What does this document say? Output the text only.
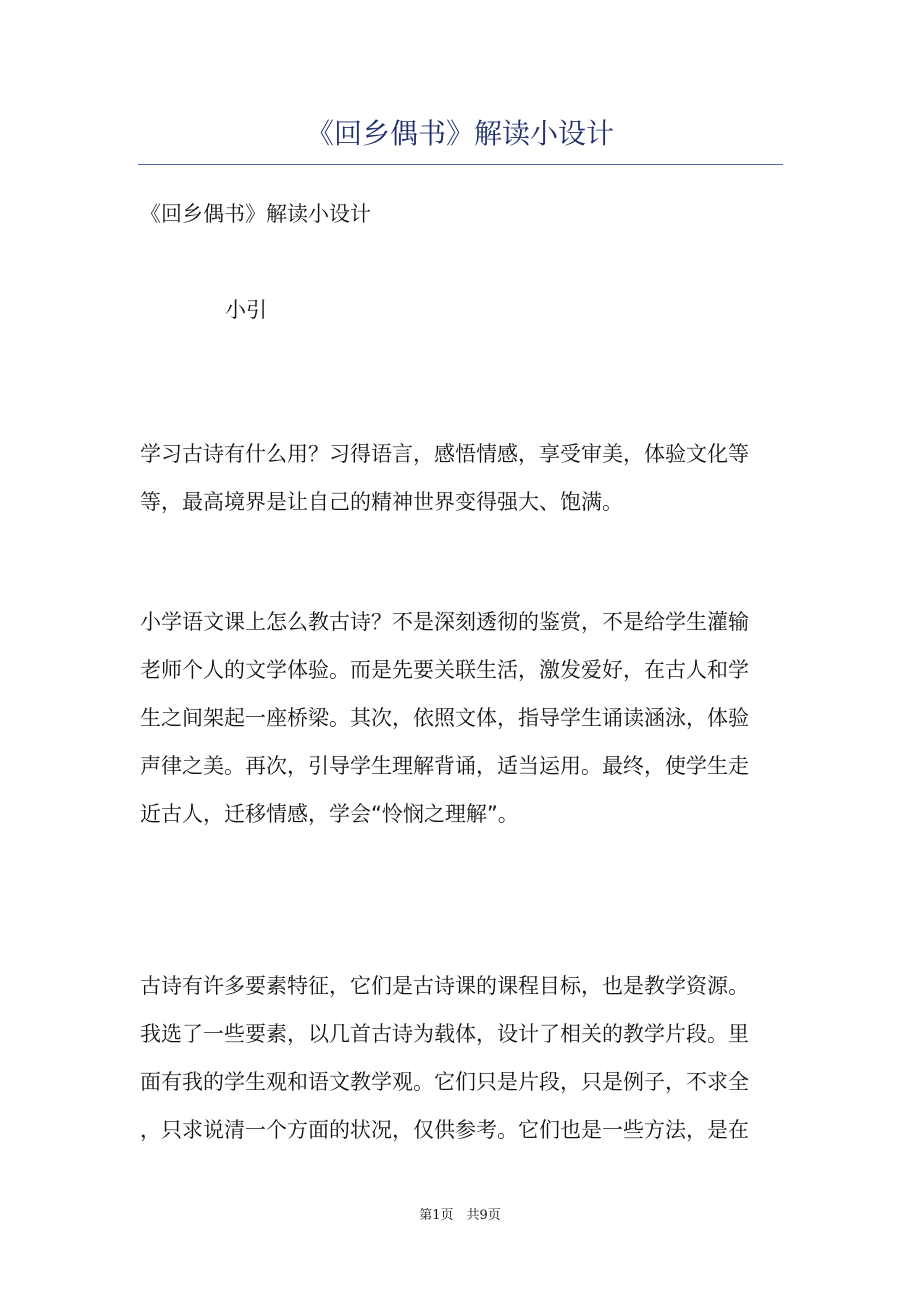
《回乡偶书》解读小设计
《回乡偶书》解读小设计
小引
学习古诗有什么用？习得语言，感悟情感，享受审美，体验文化等
等，最高境界是让自己的精神世界变得强大、饱满。
小学语文课上怎么教古诗？不是深刻透彻的鉴赏，不是给学生灌输
老师个人的文学体验。而是先要关联生活，激发爱好，在古人和学
生之间架起一座桥梁。其次，依照文体，指导学生诵读涵泳，体验
声律之美。再次，引导学生理解背诵，适当运用。最终，使学生走
近古人，迁移情感，学会“怜悯之理解”。
古诗有许多要素特征，它们是古诗课的课程目标，也是教学资源。
我选了一些要素，以几首古诗为载体，设计了相关的教学片段。里
面有我的学生观和语文教学观。它们只是片段，只是例子，不求全
，只求说清一个方面的状况，仅供参考。它们也是一些方法，是在
第1页　共9页
